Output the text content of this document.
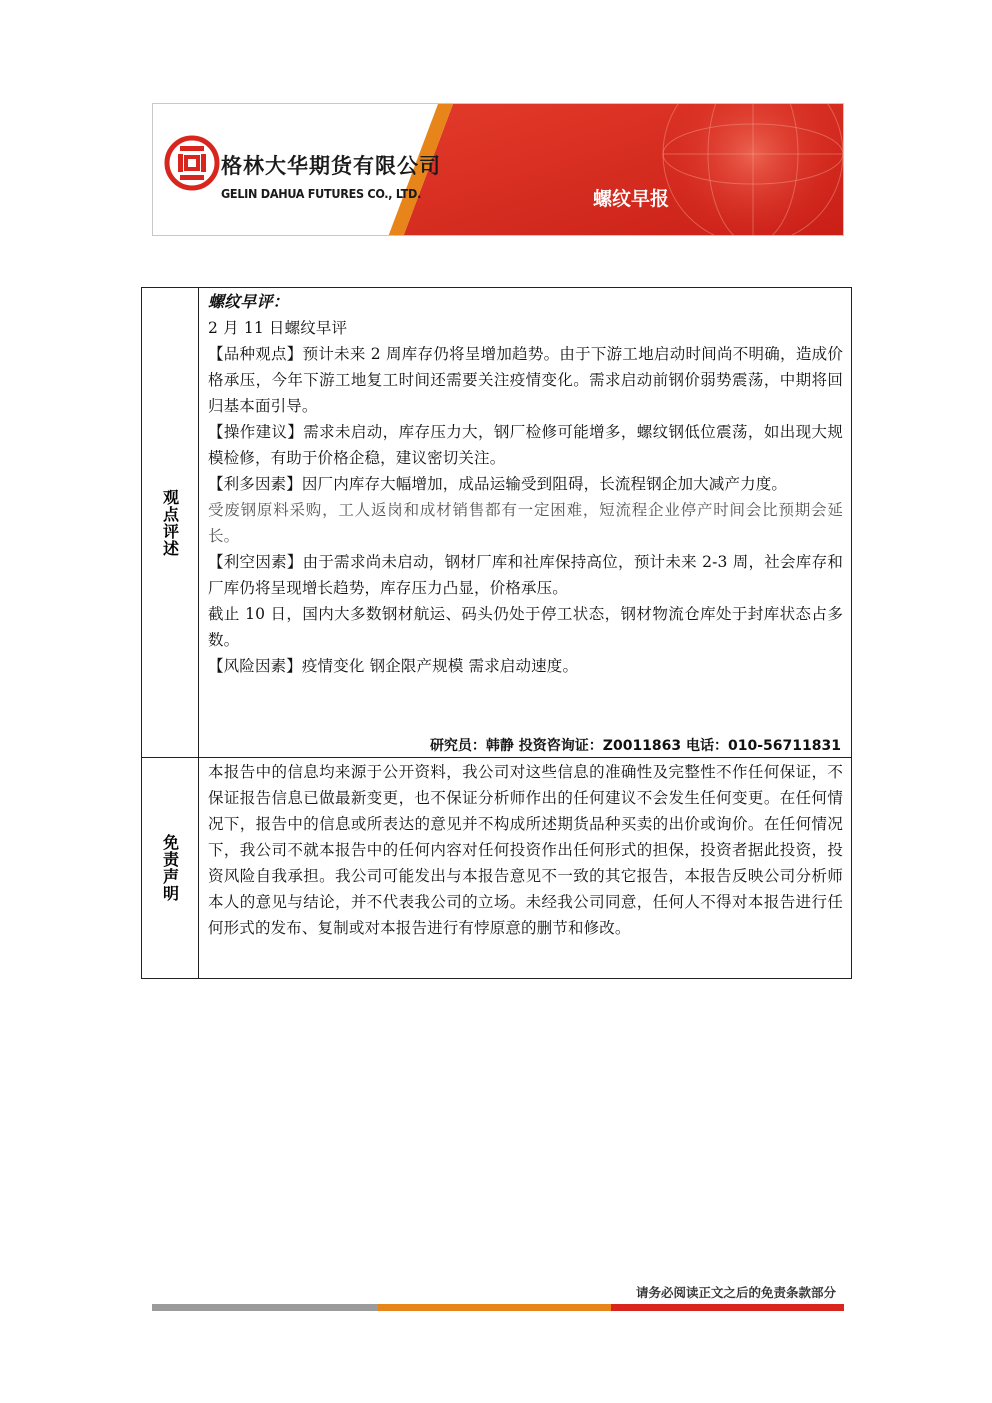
格林大华期货有限公司
GELIN DAHUA FUTURES CO., LTD.	螺纹早报
观点评述

螺纹早评：

2 月 11 日螺纹早评

【品种观点】预计未来 2 周库存仍将呈增加趋势。由于下游工地启动时间尚不明确，造成价格承压，今年下游工地复工时间还需要关注疫情变化。需求启动前钢价弱势震荡，中期将回归基本面引导。

【操作建议】需求未启动，库存压力大，钢厂检修可能增多，螺纹钢低位震荡，如出现大规模检修，有助于价格企稳，建议密切关注。

【利多因素】因厂内库存大幅增加，成品运输受到阻碍，长流程钢企加大减产力度。

受废钢原料采购，工人返岗和成材销售都有一定困难，短流程企业停产时间会比预期会延长。

【利空因素】由于需求尚未启动，钢材厂库和社库保持高位，预计未来 2-3 周，社会库存和厂库仍将呈现增长趋势，库存压力凸显，价格承压。

截止 10 日，国内大多数钢材航运、码头仍处于停工状态，钢材物流仓库处于封库状态占多数。

【风险因素】疫情变化 钢企限产规模 需求启动速度。

研究员：韩静 投资咨询证：Z0011863 电话：010-56711831
免责声明

本报告中的信息均来源于公开资料，我公司对这些信息的准确性及完整性不作任何保证，不保证报告信息已做最新变更，也不保证分析师作出的任何建议不会发生任何变更。在任何情况下，报告中的信息或所表达的意见并不构成所述期货品种买卖的出价或询价。在任何情况下，我公司不就本报告中的任何内容对任何投资作出任何形式的担保，投资者据此投资，投资风险自我承担。我公司可能发出与本报告意见不一致的其它报告，本报告反映公司分析师本人的意见与结论，并不代表我公司的立场。未经我公司同意，任何人不得对本报告进行任何形式的发布、复制或对本报告进行有悖原意的删节和修改。

请务必阅读正文之后的免责条款部分
